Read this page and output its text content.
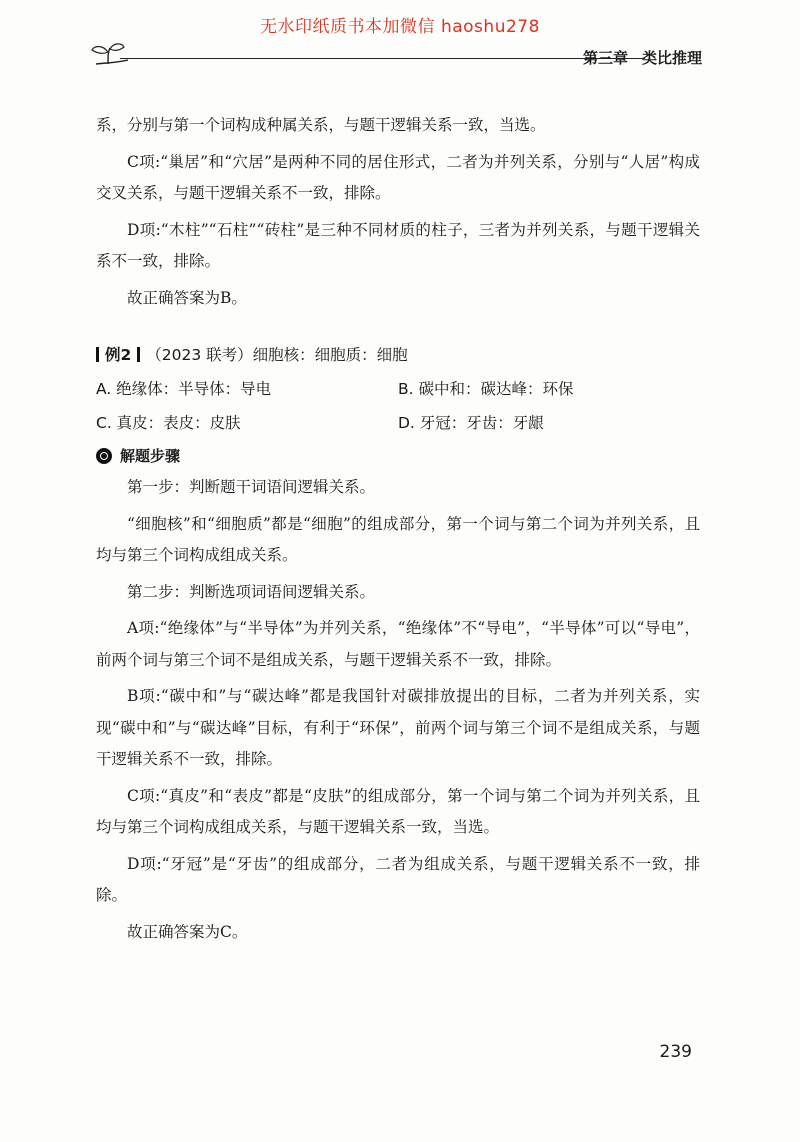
无水印纸质书本加微信 haoshu278
第三章 类比推理

系，分别与第一个词构成种属关系，与题干逻辑关系一致，当选。

C项:“巢居”和“穴居”是两种不同的居住形式，二者为并列关系，分别与“人居”构成交叉关系，与题干逻辑关系不一致，排除。

D项:“木柱”“石柱”“砖柱”是三种不同材质的柱子，三者为并列关系，与题干逻辑关系不一致，排除。

故正确答案为B。

例2 （2023 联考）细胞核：细胞质：细胞
A. 绝缘体：半导体：导电	B. 碳中和：碳达峰：环保
C. 真皮：表皮：皮肤	D. 牙冠：牙齿：牙龈
解题步骤

第一步：判断题干词语间逻辑关系。

“细胞核”和“细胞质”都是“细胞”的组成部分，第一个词与第二个词为并列关系，且均与第三个词构成组成关系。

第二步：判断选项词语间逻辑关系。

A项:“绝缘体”与“半导体”为并列关系，“绝缘体”不“导电”，“半导体”可以“导电”，前两个词与第三个词不是组成关系，与题干逻辑关系不一致，排除。

B项:“碳中和”与“碳达峰”都是我国针对碳排放提出的目标，二者为并列关系，实现“碳中和”与“碳达峰”目标，有利于“环保”，前两个词与第三个词不是组成关系，与题干逻辑关系不一致，排除。

C项:“真皮”和“表皮”都是“皮肤”的组成部分，第一个词与第二个词为并列关系，且均与第三个词构成组成关系，与题干逻辑关系一致，当选。

D项:“牙冠”是“牙齿”的组成部分，二者为组成关系，与题干逻辑关系不一致，排除。

故正确答案为C。

239
